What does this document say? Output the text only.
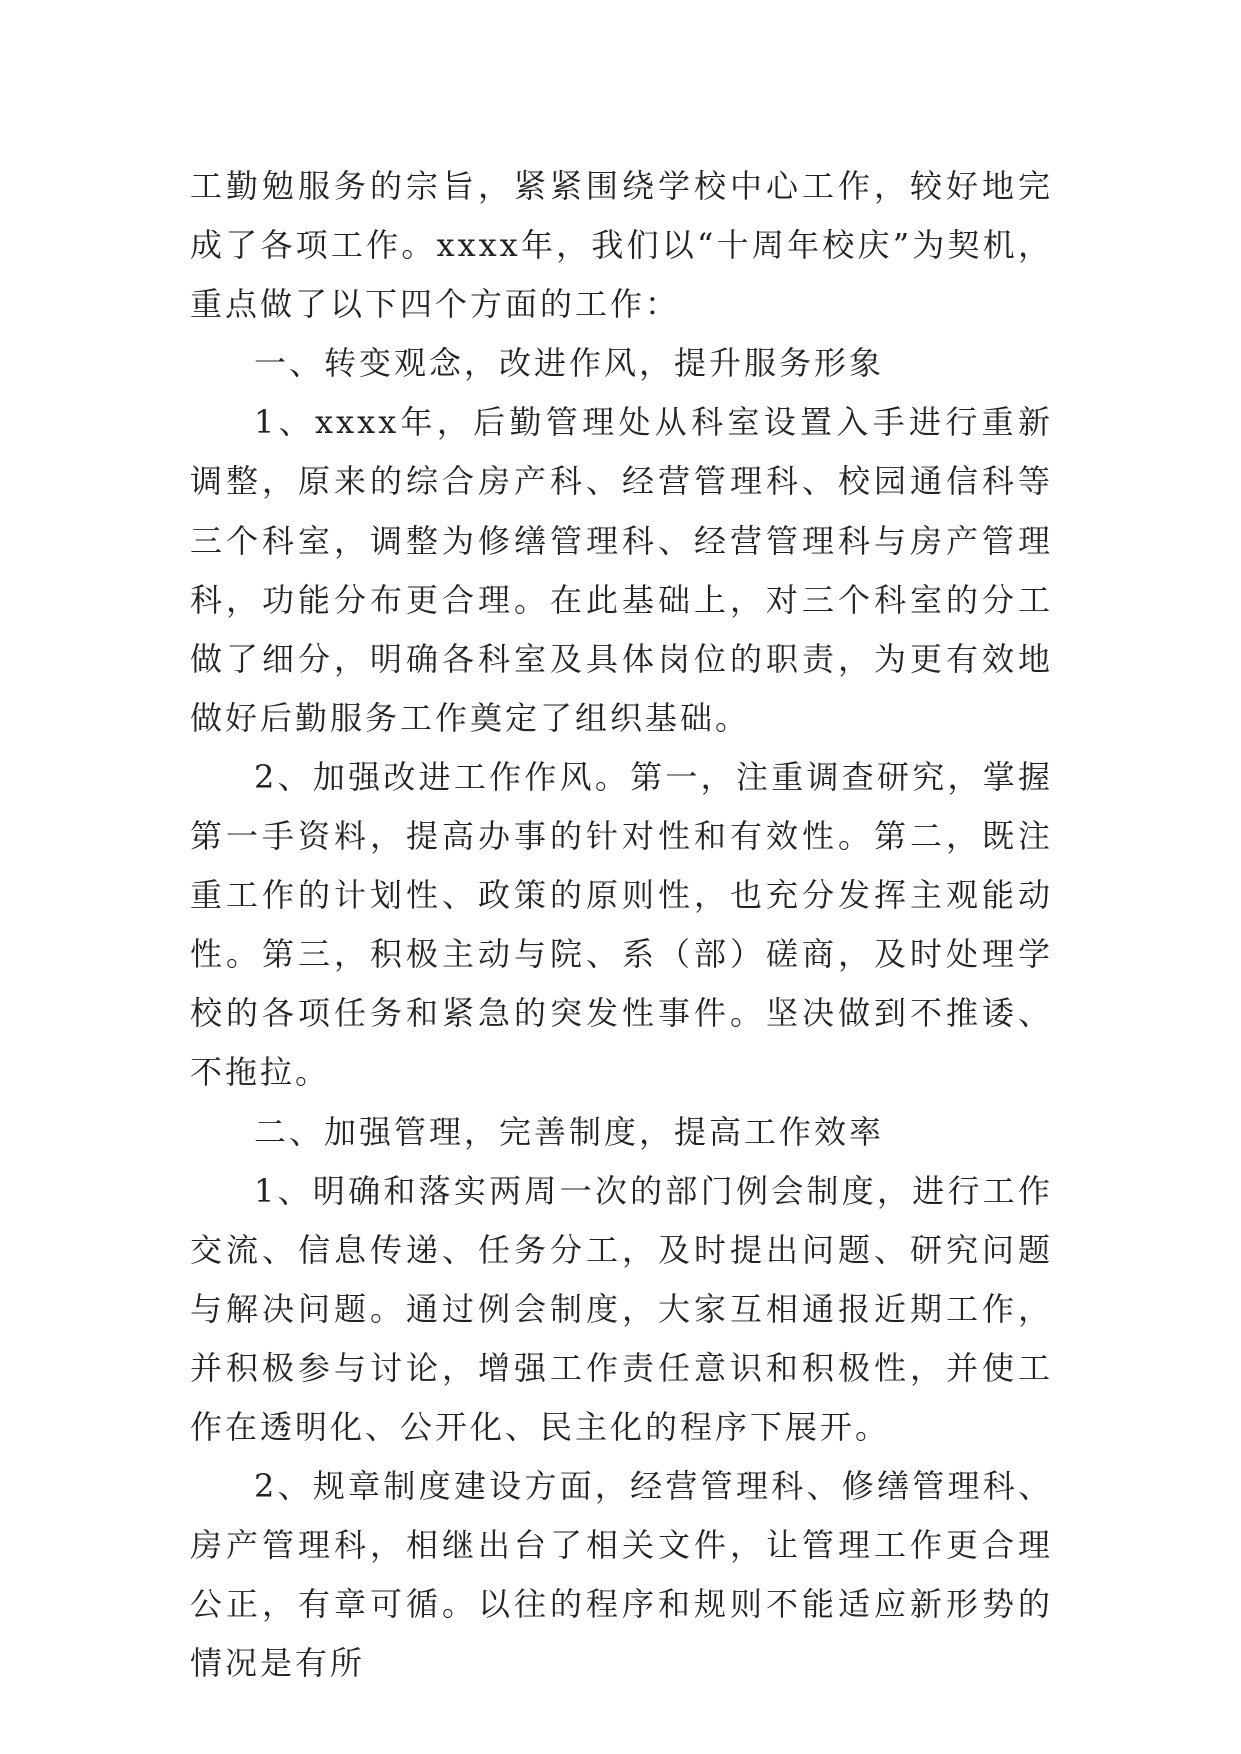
工勤勉服务的宗旨，紧紧围绕学校中心工作，较好地完成了各项工作。xxxx年，我们以“十周年校庆”为契机，重点做了以下四个方面的工作：

一、转变观念，改进作风，提升服务形象

1、xxxx年，后勤管理处从科室设置入手进行重新调整，原来的综合房产科、经营管理科、校园通信科等三个科室，调整为修缮管理科、经营管理科与房产管理科，功能分布更合理。在此基础上，对三个科室的分工做了细分，明确各科室及具体岗位的职责，为更有效地做好后勤服务工作奠定了组织基础。

2、加强改进工作作风。第一，注重调查研究，掌握第一手资料，提高办事的针对性和有效性。第二，既注重工作的计划性、政策的原则性，也充分发挥主观能动性。第三，积极主动与院、系（部）磋商，及时处理学校的各项任务和紧急的突发性事件。坚决做到不推诿、不拖拉。

二、加强管理，完善制度，提高工作效率

1、明确和落实两周一次的部门例会制度，进行工作交流、信息传递、任务分工，及时提出问题、研究问题与解决问题。通过例会制度，大家互相通报近期工作，并积极参与讨论，增强工作责任意识和积极性，并使工作在透明化、公开化、民主化的程序下展开。

2、规章制度建设方面，经营管理科、修缮管理科、房产管理科，相继出台了相关文件，让管理工作更合理公正，有章可循。以往的程序和规则不能适应新形势的情况是有所
